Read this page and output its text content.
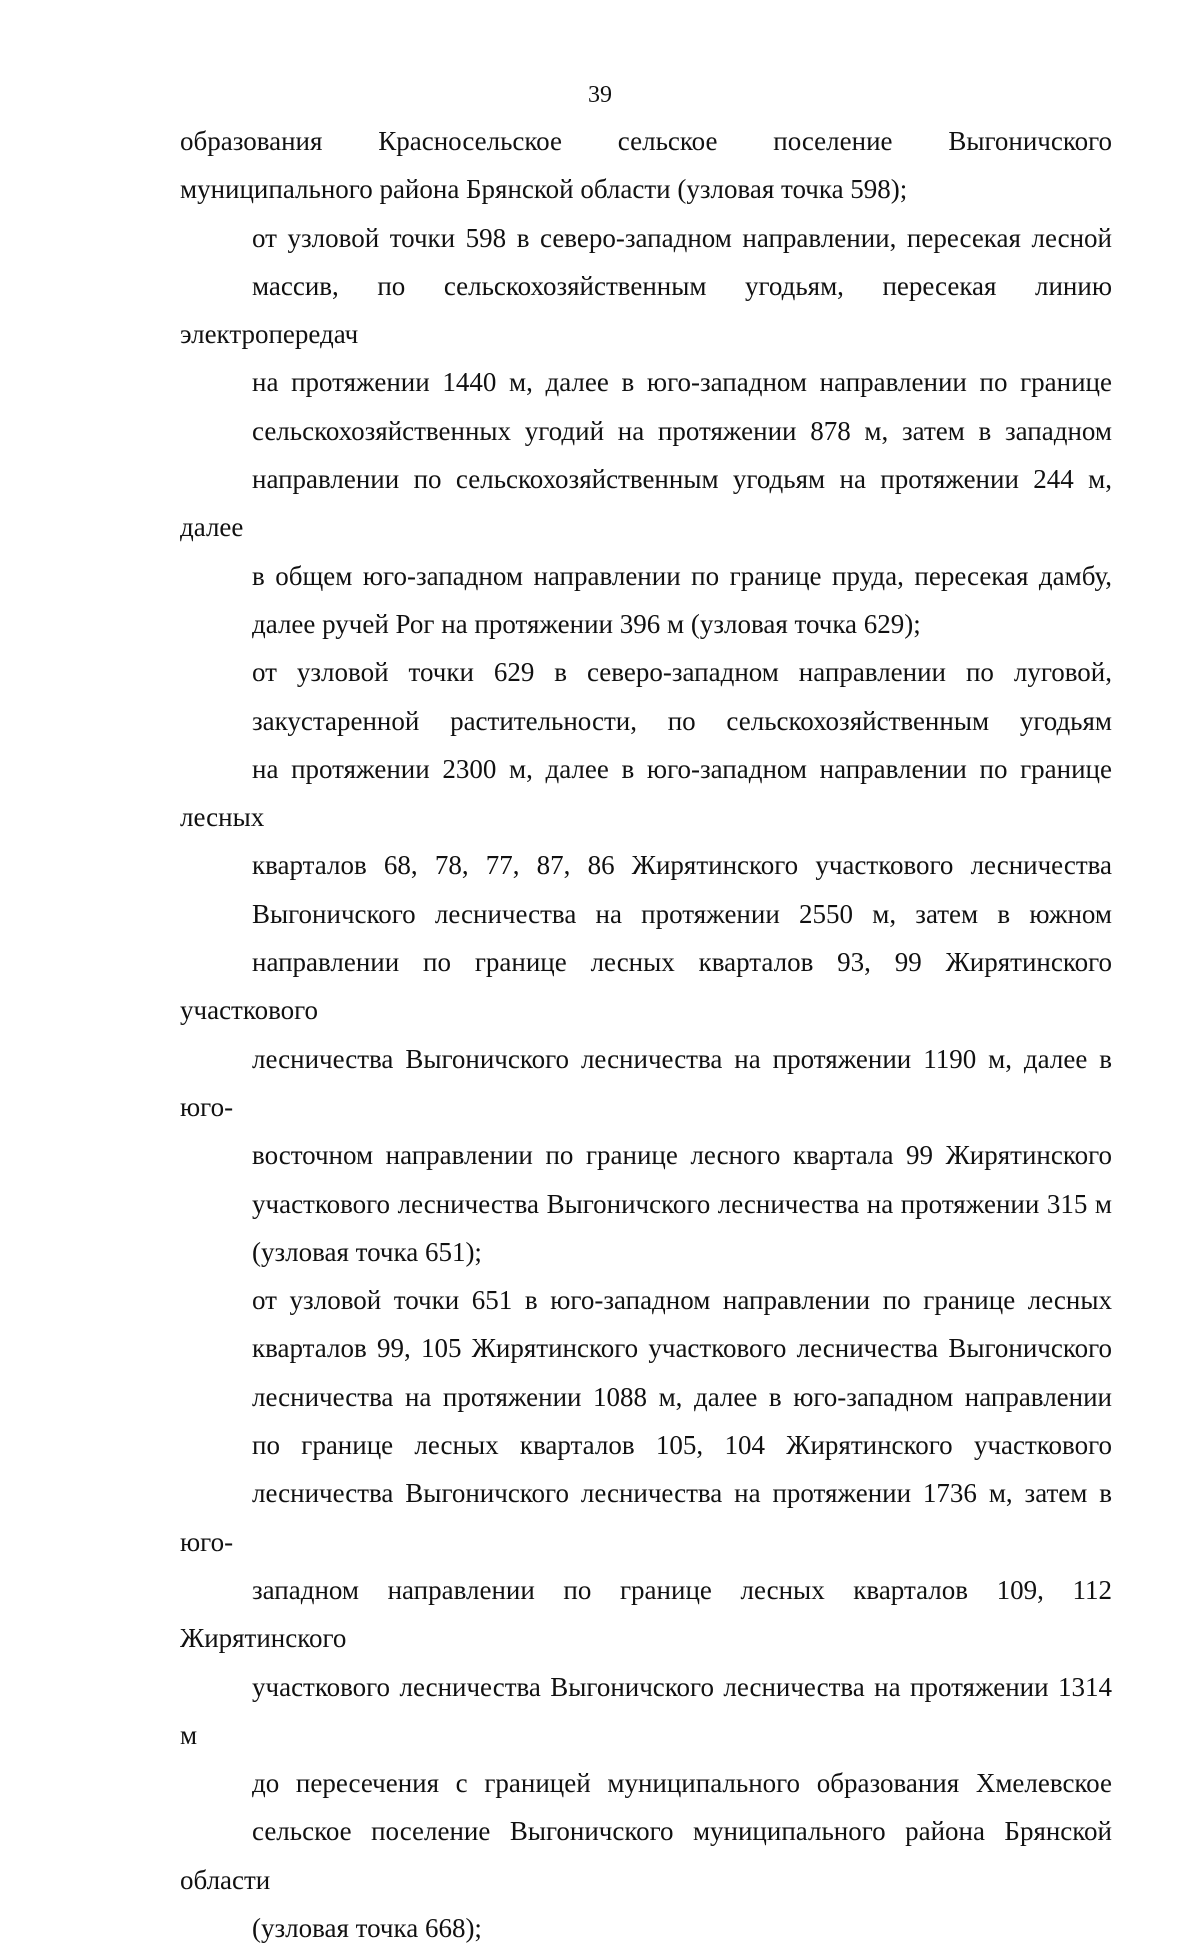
39

образования Красносельское сельское поселение Выгоничского
муниципального района Брянской области (узловая точка 598);

от узловой точки 598 в северо-западном направлении, пересекая лесной
массив, по сельскохозяйственным угодьям, пересекая линию электропередач
на протяжении 1440 м, далее в юго-западном направлении по границе
сельскохозяйственных угодий на протяжении 878 м, затем в западном
направлении по сельскохозяйственным угодьям на протяжении 244 м, далее
в общем юго-западном направлении по границе пруда, пересекая дамбу,
далее ручей Рог на протяжении 396 м (узловая точка 629);

от узловой точки 629 в северо-западном направлении по луговой,
закустаренной растительности, по сельскохозяйственным угодьям
на протяжении 2300 м, далее в юго-западном направлении по границе лесных
кварталов 68, 78, 77, 87, 86 Жирятинского участкового лесничества
Выгоничского лесничества на протяжении 2550 м, затем в южном
направлении по границе лесных кварталов 93, 99 Жирятинского участкового
лесничества Выгоничского лесничества на протяжении 1190 м, далее в юго-
восточном направлении по границе лесного квартала 99 Жирятинского
участкового лесничества Выгоничского лесничества на протяжении 315 м
(узловая точка 651);

от узловой точки 651 в юго-западном направлении по границе лесных
кварталов 99, 105 Жирятинского участкового лесничества Выгоничского
лесничества на протяжении 1088 м, далее в юго-западном направлении
по границе лесных кварталов 105, 104 Жирятинского участкового
лесничества Выгоничского лесничества на протяжении 1736 м, затем в юго-
западном направлении по границе лесных кварталов 109, 112 Жирятинского
участкового лесничества Выгоничского лесничества на протяжении 1314 м
до пересечения с границей муниципального образования Хмелевское
сельское поселение Выгоничского муниципального района Брянской области
(узловая точка 668);
